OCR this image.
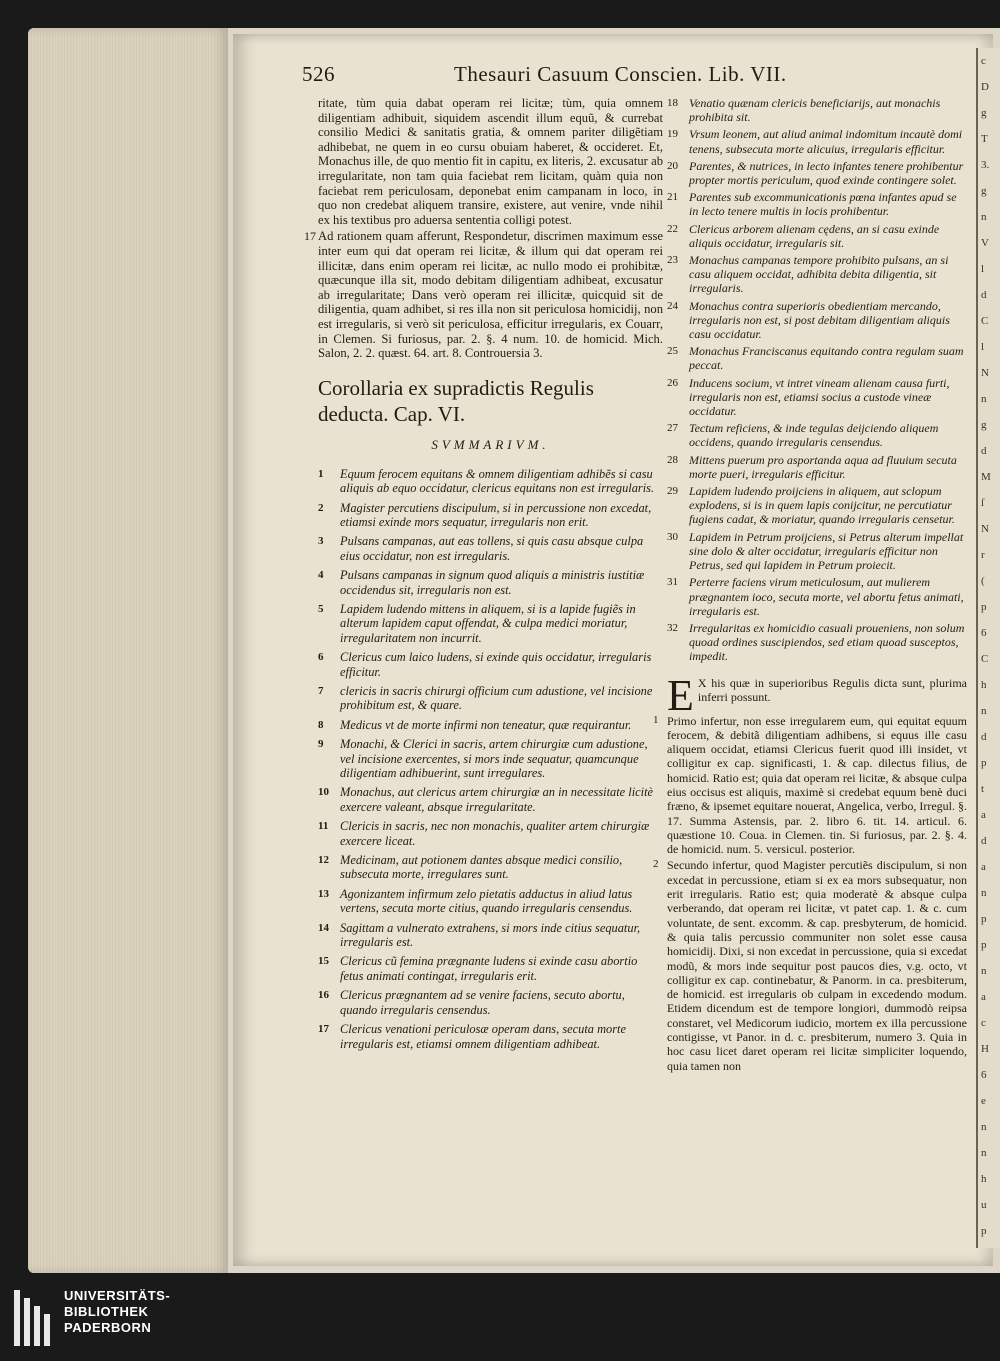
c
D
g
T
3.
g
n
V
l
d
C
l
N
n
g
d
M
ſ
N
r
(
p
6
C
h
n
d
p
t
a
d
a
n
p
p
n
a
c
H
6
e
n
n
h
u
p
526	Thesauri Casuum Conscien. Lib. VII.

ritate, tùm quia dabat operam rei licitæ; tùm, quia omnem diligentiam adhibuit, siquidem ascendit illum equũ, & currebat consilio Medici & sanitatis gratia, & omnem pariter diligẽtiam adhibebat, ne quem in eo cursu obuiam haberet, & occideret. Et, Monachus ille, de quo mentio fit in capitu, ex literis, 2. excusatur ab irregularitate, non tam quia faciebat rem licitam, quàm quia non faciebat rem periculosam, deponebat enim campanam in loco, in quo non credebat aliquem transire, existere, aut venire, vnde nihil ex his textibus pro aduersa sententia colligi potest.

17 Ad rationem quam afferunt, Respondetur, discrimen maximum esse inter eum qui dat operam rei licitæ, & illum qui dat operam rei illicitæ, dans enim operam rei licitæ, ac nullo modo ei prohibitæ, quæcunque illa sit, modo debitam diligentiam adhibeat, excusatur ab irregularitate; Dans verò operam rei illicitæ, quicquid sit de diligentia, quam adhibet, si res illa non sit periculosa homicidij, non est irregularis, si verò sit periculosa, efficitur irregularis, ex Couarr, in Clemen. Si furiosus, par. 2. §. 4 num. 10. de homicid. Mich. Salon, 2. 2. quæst. 64. art. 8. Controuersia 3.

Corollaria ex supradictis Regulis deducta. Cap. VI.
SVMMARIVM.
1 Equum ferocem equitans & omnem diligentiam adhibẽs si casu aliquis ab equo occidatur, clericus equitans non est irregularis.
2 Magister percutiens discipulum, si in percussione non excedat, etiamsi exinde mors sequatur, irregularis non erit.
3 Pulsans campanas, aut eas tollens, si quis casu absque culpa eius occidatur, non est irregularis.
4 Pulsans campanas in signum quod aliquis a ministris iustitiæ occidendus sit, irregularis non est.
5 Lapidem ludendo mittens in aliquem, si is a lapide fugiẽs in alterum lapidem caput offendat, & culpa medici moriatur, irregularitatem non incurrit.
6 Clericus cum laico ludens, si exinde quis occidatur, irregularis efficitur.
7 clericis in sacris chirurgi officium cum adustione, vel incisione prohibitum est, & quare.
8 Medicus vt de morte infirmi non teneatur, quæ requirantur.
9 Monachi, & Clerici in sacris, artem chirurgiæ cum adustione, vel incisione exercentes, si mors inde sequatur, quamcunque diligentiam adhibuerint, sunt irregulares.
10 Monachus, aut clericus artem chirurgiæ an in necessitate licitè exercere valeant, absque irregularitate.
11 Clericis in sacris, nec non monachis, qualiter artem chirurgiæ exercere liceat.
12 Medicinam, aut potionem dantes absque medici consilio, subsecuta morte, irregulares sunt.
13 Agonizantem infirmum zelo pietatis adductus in aliud latus vertens, secuta morte citius, quando irregularis censendus.
14 Sagittam a vulnerato extrahens, si mors inde citius sequatur, irregularis est.
15 Clericus cũ femina prægnante ludens si exinde casu abortio fetus animati contingat, irregularis erit.
16 Clericus prægnantem ad se venire faciens, secuto abortu, quando irregularis censendus.
17 Clericus venationi periculosæ operam dans, secuta morte irregularis est, etiamsi omnem diligentiam adhibeat.
18 Venatio quænam clericis beneficiarijs, aut monachis prohibita sit.
19 Vrsum leonem, aut aliud animal indomitum incautè domi tenens, subsecuta morte alicuius, irregularis efficitur.
20 Parentes, & nutrices, in lecto infantes tenere prohibentur propter mortis periculum, quod exinde contingere solet.
21 Parentes sub excommunicationis pœna infantes apud se in lecto tenere multis in locis prohibentur.
22 Clericus arborem alienam cędens, an si casu exinde aliquis occidatur, irregularis sit.
23 Monachus campanas tempore prohibito pulsans, an si casu aliquem occidat, adhibita debita diligentia, sit irregularis.
24 Monachus contra superioris obedientiam mercando, irregularis non est, si post debitam diligentiam aliquis casu occidatur.
25 Monachus Franciscanus equitando contra regulam suam peccat.
26 Inducens socium, vt intret vineam alienam causa furti, irregularis non est, etiamsi socius a custode vineæ occidatur.
27 Tectum reficiens, & inde tegulas deijciendo aliquem occidens, quando irregularis censendus.
28 Mittens puerum pro asportanda aqua ad fluuium secuta morte pueri, irregularis efficitur.
29 Lapidem ludendo proijciens in aliquem, aut sclopum explodens, si is in quem lapis conijcitur, ne percutiatur fugiens cadat, & moriatur, quando irregularis censetur.
30 Lapidem in Petrum proijciens, si Petrus alterum impellat sine dolo & alter occidatur, irregularis efficitur non Petrus, sed qui lapidem in Petrum proiecit.
31 Perterre faciens virum meticulosum, aut mulierem prægnantem ioco, secuta morte, vel abortu fetus animati, irregularis est.
32 Irregularitas ex homicidio casuali proueniens, non solum quoad ordines suscipiendos, sed etiam quoad susceptos, impedit.
E X his quæ in superioribus Regulis dicta sunt, plurima inferri possunt.

1 Primo infertur, non esse irregularem eum, qui equitat equum ferocem, & debitã diligentiam adhibens, si equus ille casu aliquem occidat, etiamsi Clericus fuerit quod illi insidet, vt colligitur ex cap. significasti, 1. & cap. dilectus filius, de homicid. Ratio est; quia dat operam rei licitæ, & absque culpa eius occisus est aliquis, maximè si credebat equum benè duci fræno, & ipsemet equitare nouerat, Angelica, verbo, Irregul. §. 17. Summa Astensis, par. 2. libro 6. tit. 14. articul. 6. quæstione 10. Coua. in Clemen. tin. Si furiosus, par. 2. §. 4. de homicid. num. 5. versicul. posterior.

2 Secundo infertur, quod Magister percutiẽs discipulum, si non excedat in percussione, etiam si ex ea mors subsequatur, non erit irregularis. Ratio est; quia moderatè & absque culpa verberando, dat operam rei licitæ, vt patet cap. 1. & c. cum voluntate, de sent. excomm. & cap. presbyterum, de homicid. & quia talis percussio communiter non solet esse causa homicidij. Dixi, si non excedat in percussione, quia si excedat modũ, & mors inde sequitur post paucos dies, v.g. octo, vt colligitur ex cap. continebatur, & Panorm. in ca. presbiterum, de homicid. est irregularis ob culpam in excedendo modum. Etidem dicendum est de tempore longiori, dummodò reipsa constaret, vel Medicorum iudicio, mortem ex illa percussione contigisse, vt Panor. in d. c. presbiterum, numero 3. Quia in hoc casu licet daret operam rei licitæ simpliciter loquendo, quia tamen non

UNIVERSITÄTS-
BIBLIOTHEK
PADERBORN
